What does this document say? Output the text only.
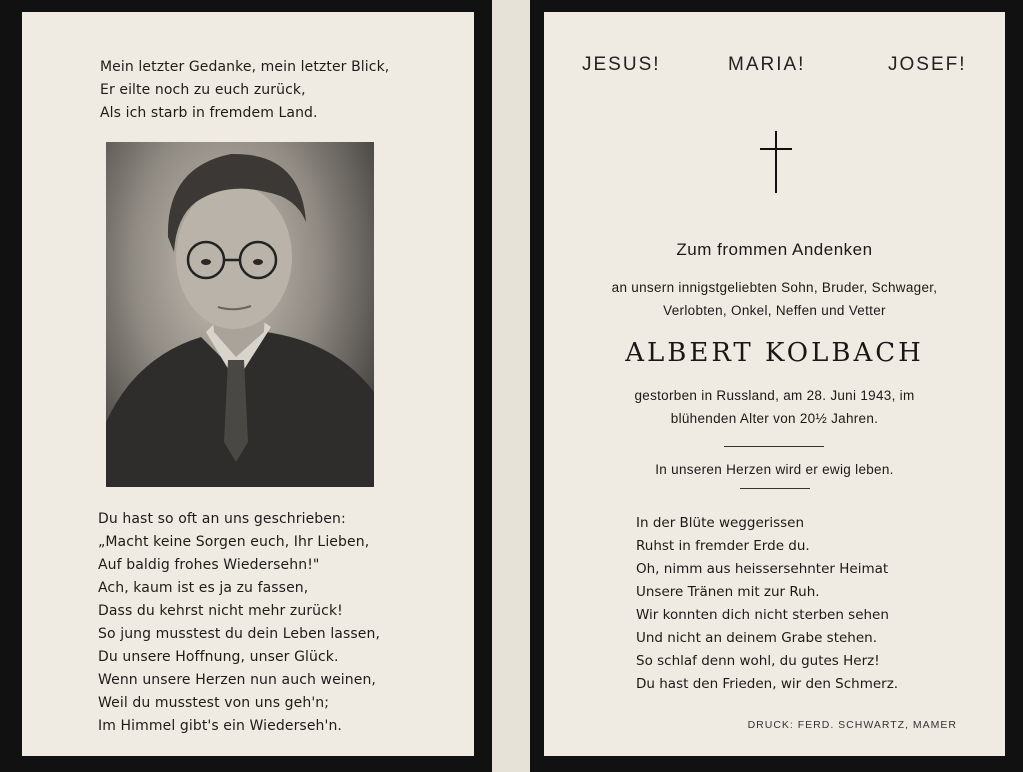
Mein letzter Gedanke, mein letzter Blick,
Er eilte noch zu euch zurück,
Als ich starb in fremdem Land.
Du hast so oft an uns geschrieben:
„Macht keine Sorgen euch, Ihr Lieben,
Auf baldig frohes Wiedersehn!"
Ach, kaum ist es ja zu fassen,
Dass du kehrst nicht mehr zurück!
So jung musstest du dein Leben lassen,
Du unsere Hoffnung, unser Glück.
Wenn unsere Herzen nun auch weinen,
Weil du musstest von uns geh'n;
Im Himmel gibt's ein Wiederseh'n.
JESUS!	MARIA!	JOSEF!
Zum frommen Andenken
an unsern innigstgeliebten Sohn, Bruder, Schwager,
Verlobten, Onkel, Neffen und Vetter
ALBERT KOLBACH
gestorben in Russland, am 28. Juni 1943, im
blühenden Alter von 20½ Jahren.
In unseren Herzen wird er ewig leben.
In der Blüte weggerissen
Ruhst in fremder Erde du.
Oh, nimm aus heissersehnter Heimat
Unsere Tränen mit zur Ruh.
Wir konnten dich nicht sterben sehen
Und nicht an deinem Grabe stehen.
So schlaf denn wohl, du gutes Herz!
Du hast den Frieden, wir den Schmerz.
DRUCK: FERD. SCHWARTZ, MAMER
